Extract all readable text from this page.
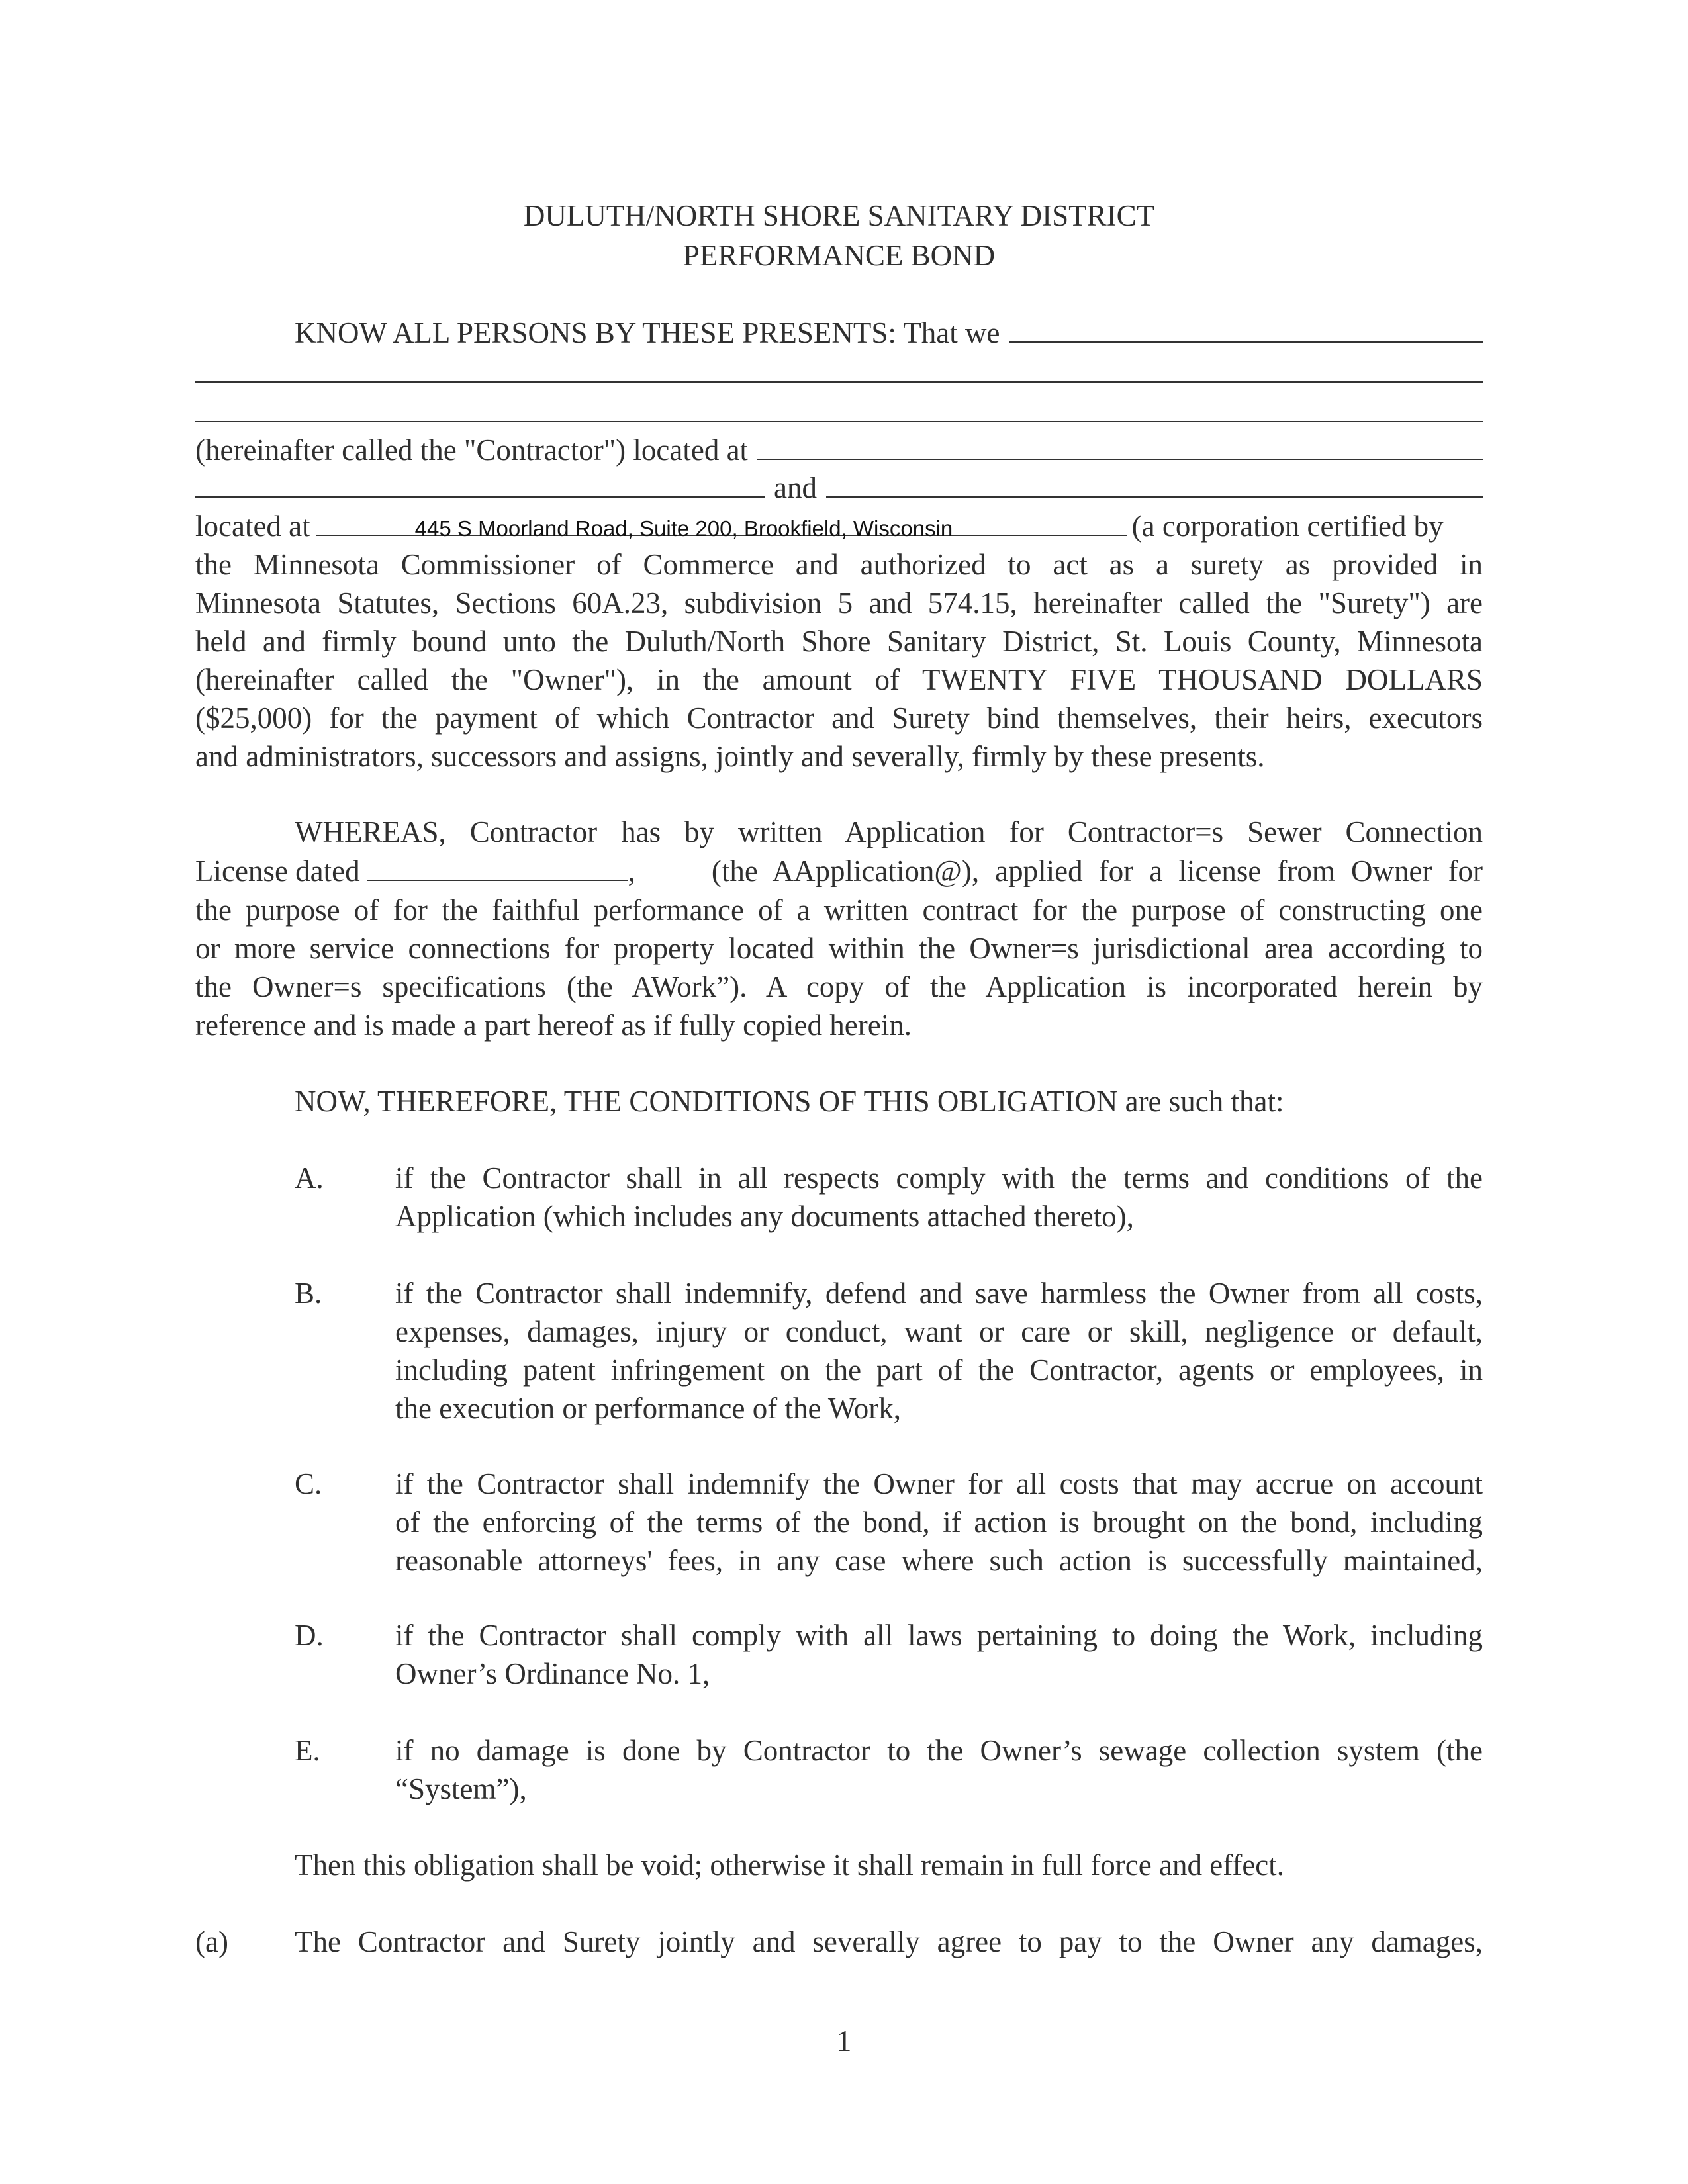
DULUTH/NORTH SHORE SANITARY DISTRICT
PERFORMANCE BOND
KNOW ALL PERSONS BY THESE PRESENTS: That we
(hereinafter called the "Contractor") located at
and
located at	445 S Moorland Road, Suite 200, Brookfield, Wisconsin	(a corporation certified by
the Minnesota Commissioner of Commerce and authorized to act as a surety as provided in
Minnesota Statutes, Sections 60A.23, subdivision 5 and 574.15, hereinafter called the "Surety") are
held and firmly bound unto the Duluth/North Shore Sanitary District, St. Louis County, Minnesota
(hereinafter called the "Owner"), in the amount of TWENTY FIVE THOUSAND DOLLARS
($25,000) for the payment of which Contractor and Surety bind themselves, their heirs, executors
and administrators, successors and assigns, jointly and severally, firmly by these presents.
WHEREAS, Contractor has by written Application for Contractor=s Sewer Connection
License dated	,	(the AApplication@), applied for a license from Owner for
the purpose of for the faithful performance of a written contract for the purpose of constructing one
or more service connections for property located within the Owner=s jurisdictional area according to
the Owner=s specifications (the AWork”). A copy of the Application is incorporated herein by
reference and is made a part hereof as if fully copied herein.
NOW, THEREFORE, THE CONDITIONS OF THIS OBLIGATION are such that:
A. if the Contractor shall in all respects comply with the terms and conditions of the
Application (which includes any documents attached thereto),
B. if the Contractor shall indemnify, defend and save harmless the Owner from all costs,
expenses, damages, injury or conduct, want or care or skill, negligence or default,
including patent infringement on the part of the Contractor, agents or employees, in
the execution or performance of the Work,
C. if the Contractor shall indemnify the Owner for all costs that may accrue on account
of the enforcing of the terms of the bond, if action is brought on the bond, including
reasonable attorneys' fees, in any case where such action is successfully maintained,
D. if the Contractor shall comply with all laws pertaining to doing the Work, including
Owner’s Ordinance No. 1,
E.	if no damage is done by Contractor to the Owner’s sewage collection system (the
“System”),
Then this obligation shall be void; otherwise it shall remain in full force and effect.
(a)	The Contractor and Surety jointly and severally agree to pay to the Owner any damages,
1
